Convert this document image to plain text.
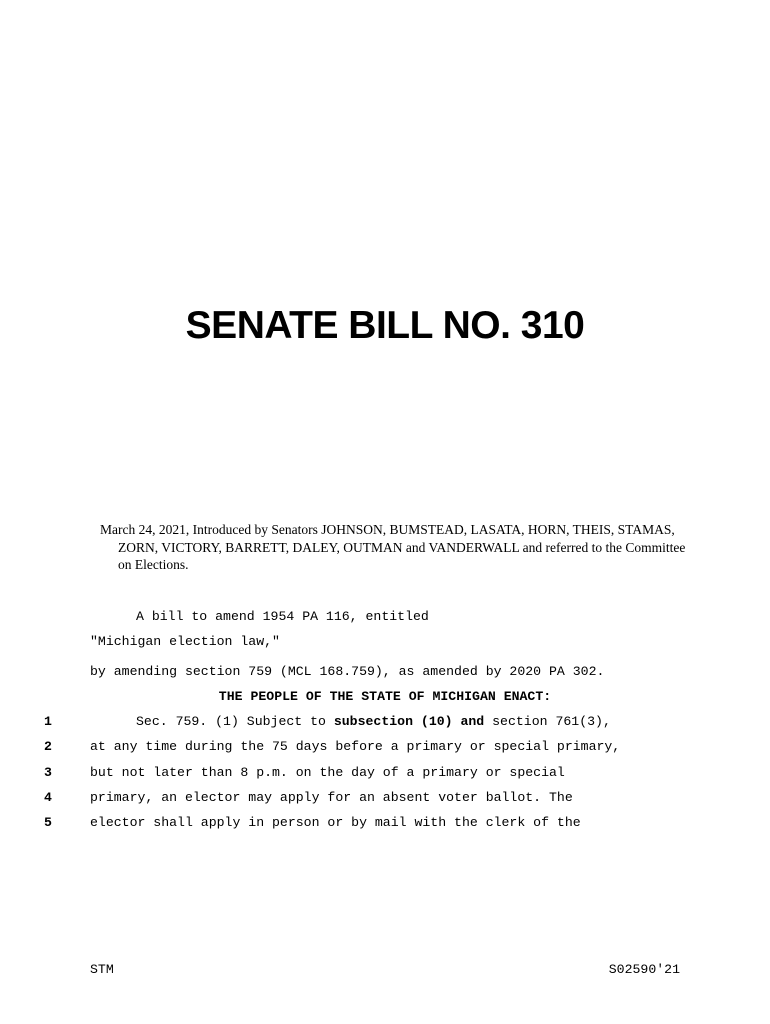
SENATE BILL NO. 310

March 24, 2021, Introduced by Senators JOHNSON, BUMSTEAD, LASATA, HORN, THEIS, STAMAS, ZORN, VICTORY, BARRETT, DALEY, OUTMAN and VANDERWALL and referred to the Committee on Elections.

A bill to amend 1954 PA 116, entitled

"Michigan election law,"

by amending section 759 (MCL 168.759), as amended by 2020 PA 302.

THE PEOPLE OF THE STATE OF MICHIGAN ENACT:
1	Sec. 759. (1) Subject to subsection (10) and section 761(3),

2	at any time during the 75 days before a primary or special primary,

3	but not later than 8 p.m. on the day of a primary or special

4	primary, an elector may apply for an absent voter ballot. The

5	elector shall apply in person or by mail with the clerk of the

STM	S02590'21
